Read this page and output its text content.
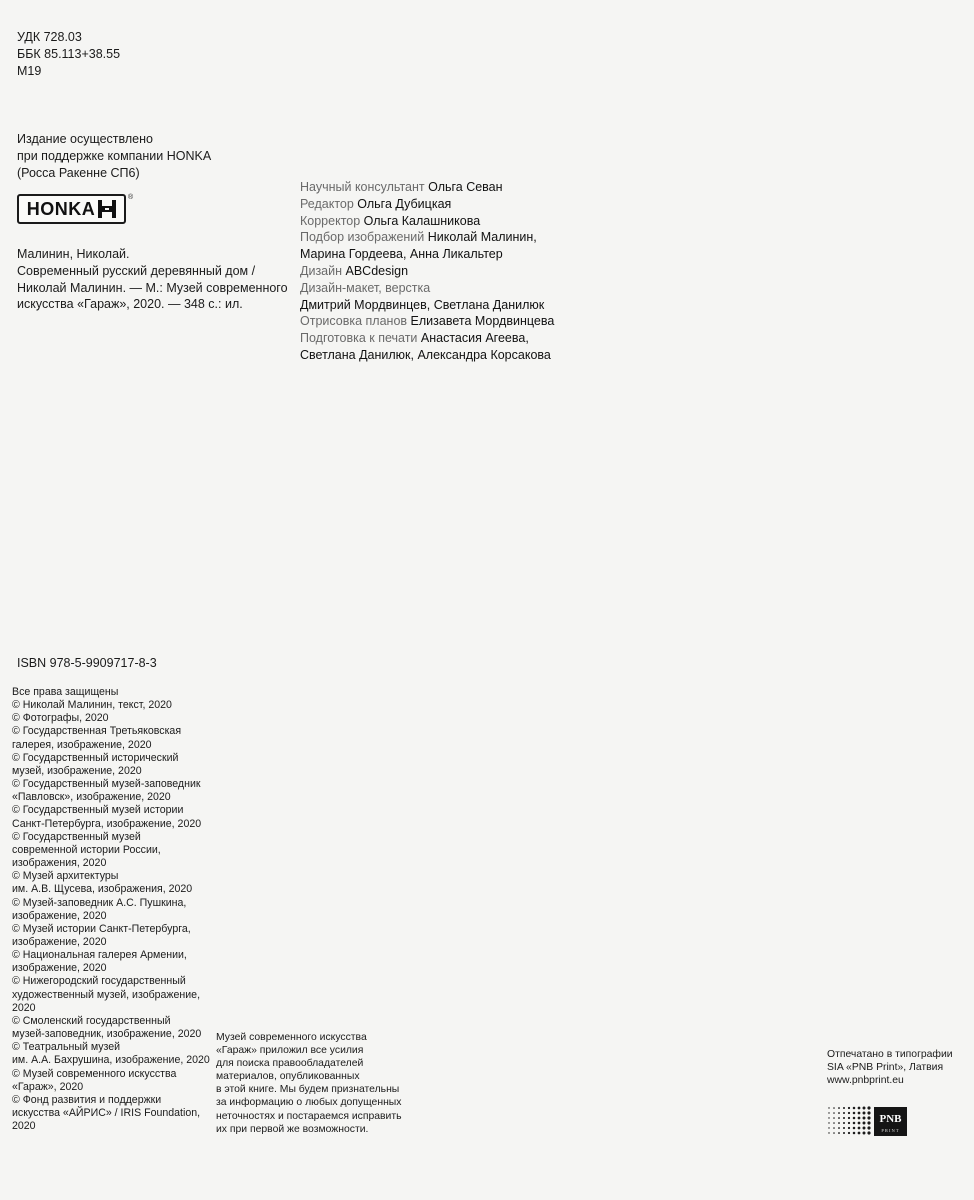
УДК 728.03
ББК 85.113+38.55
М19
Издание осуществлено
при поддержке компании HONKA
(Росса Ракенне СП6)
HONKA
®
Малинин, Николай.
Современный русский деревянный дом /
Николай Малинин. — М.: Музей современного
искусства «Гараж», 2020. — 348 с.: ил.
Научный консультант Ольга Севан
Редактор Ольга Дубицкая
Корректор Ольга Калашникова
Подбор изображений Николай Малинин,
Марина Гордеева, Анна Ликальтер
Дизайн ABCdesign
Дизайн-макет, верстка
Дмитрий Мордвинцев, Светлана Данилюк
Отрисовка планов Елизавета Мордвинцева
Подготовка к печати Анастасия Агеева,
Светлана Данилюк, Александра Корсакова
ISBN 978-5-9909717-8-3
Все права защищены
© Николай Малинин, текст, 2020
© Фотографы, 2020
© Государственная Третьяковская
галерея, изображение, 2020
© Государственный исторический
музей, изображение, 2020
© Государственный музей-заповедник
«Павловск», изображение, 2020
© Государственный музей истории
Санкт-Петербурга, изображение, 2020
© Государственный музей
современной истории России,
изображения, 2020
© Музей архитектуры
им. А.В. Щусева, изображения, 2020
© Музей-заповедник А.С. Пушкина,
изображение, 2020
© Музей истории Санкт-Петербурга,
изображение, 2020
© Национальная галерея Армении,
изображение, 2020
© Нижегородский государственный
художественный музей, изображение,
2020
© Смоленский государственный
музей-заповедник, изображение, 2020
© Театральный музей
им. А.А. Бахрушина, изображение, 2020
© Музей современного искусства
«Гараж», 2020
© Фонд развития и поддержки
искусства «АЙРИС» / IRIS Foundation,
2020
Музей современного искусства
«Гараж» приложил все усилия
для поиска правообладателей
материалов, опубликованных
в этой книге. Мы будем признательны
за информацию о любых допущенных
неточностях и постараемся исправить
их при первой же возможности.
Отпечатано в типографии
SIA «PNB Print», Латвия
www.pnbprint.eu
PNB
PRINT
